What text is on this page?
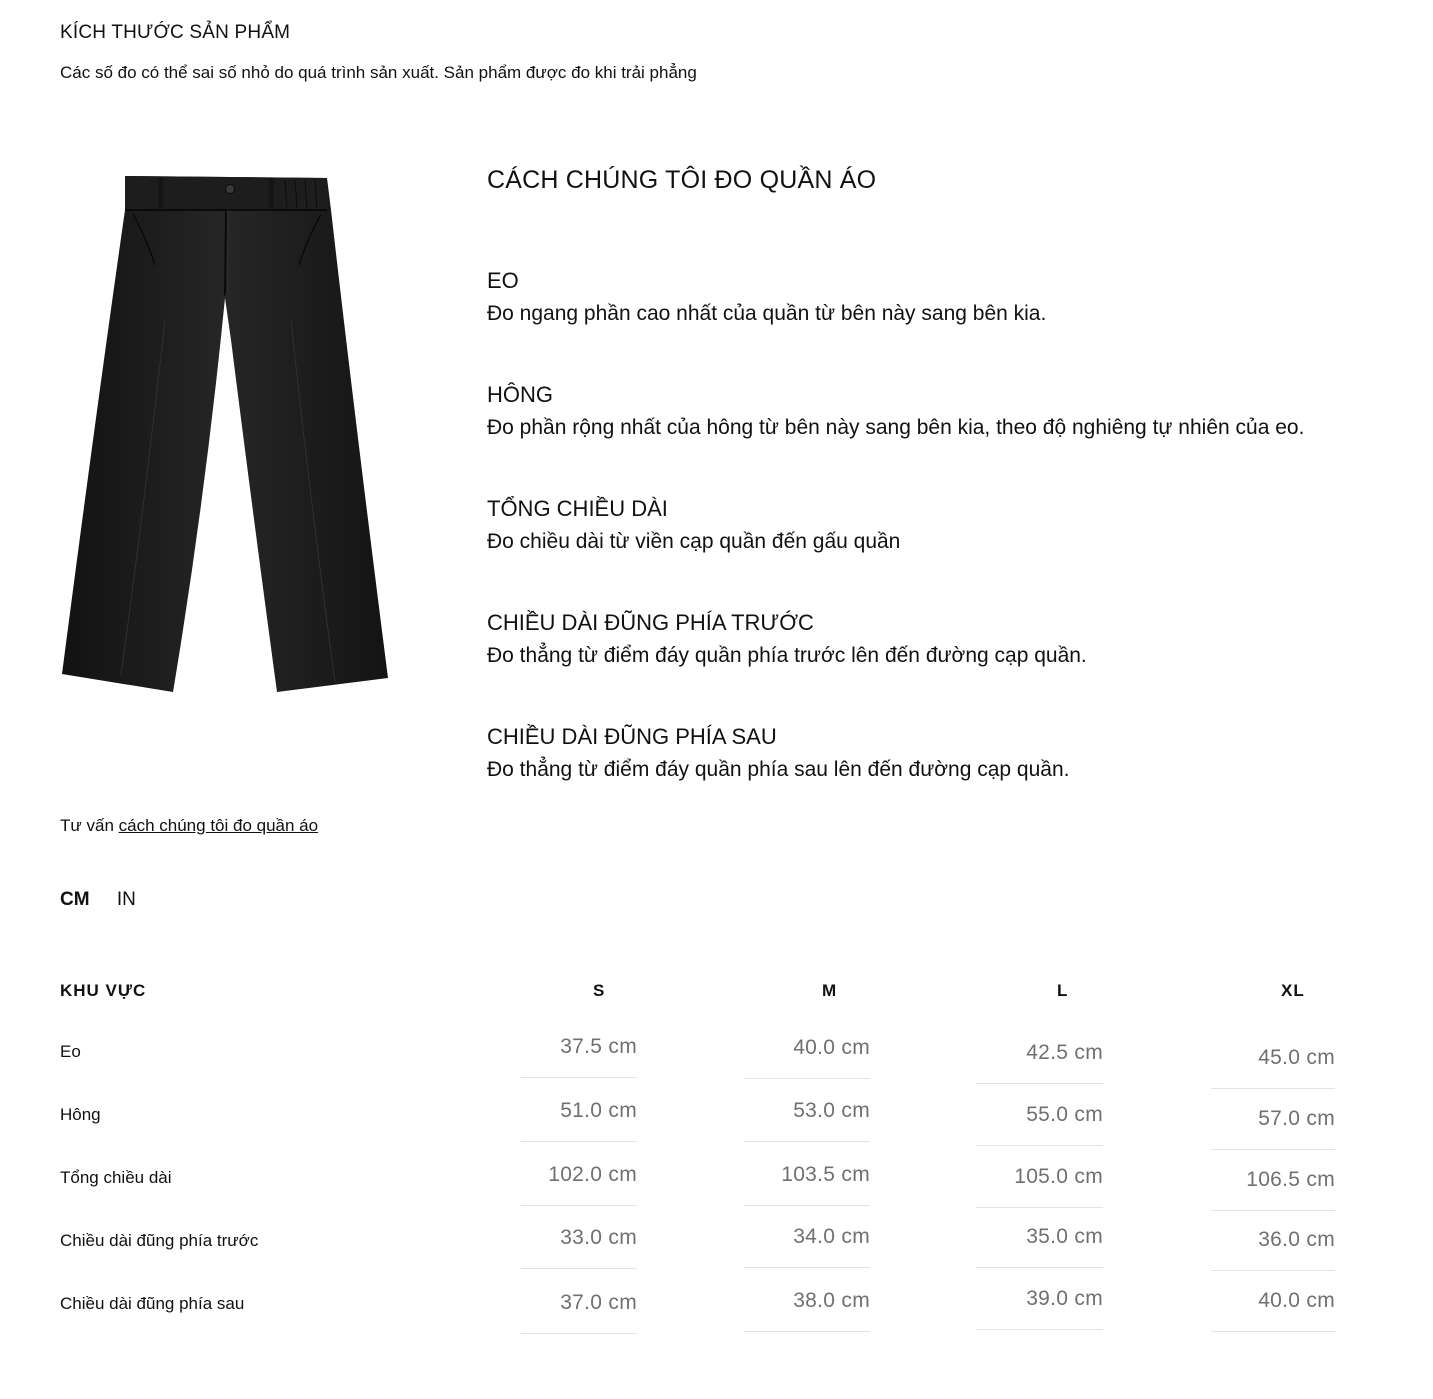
KÍCH THƯỚC SẢN PHẨM
Các số đo có thể sai số nhỏ do quá trình sản xuất. Sản phẩm được đo khi trải phẳng
CÁCH CHÚNG TÔI ĐO QUẦN ÁO
EO
Đo ngang phần cao nhất của quần từ bên này sang bên kia.
HÔNG
Đo phần rộng nhất của hông từ bên này sang bên kia, theo độ nghiêng tự nhiên của eo.
TỔNG CHIỀU DÀI
Đo chiều dài từ viền cạp quần đến gấu quần
CHIỀU DÀI ĐŨNG PHÍA TRƯỚC
Đo thẳng từ điểm đáy quần phía trước lên đến đường cạp quần.
CHIỀU DÀI ĐŨNG PHÍA SAU
Đo thẳng từ điểm đáy quần phía sau lên đến đường cạp quần.
Tư vấn cách chúng tôi đo quần áo
CM IN
KHU VỰC	S	M	L	XL
Eo	37.5 cm	40.0 cm	42.5 cm	45.0 cm
Hông	51.0 cm	53.0 cm	55.0 cm	57.0 cm
Tổng chiều dài	102.0 cm	103.5 cm	105.0 cm	106.5 cm
Chiều dài đũng phía trước	33.0 cm	34.0 cm	35.0 cm	36.0 cm
Chiều dài đũng phía sau	37.0 cm	38.0 cm	39.0 cm	40.0 cm
